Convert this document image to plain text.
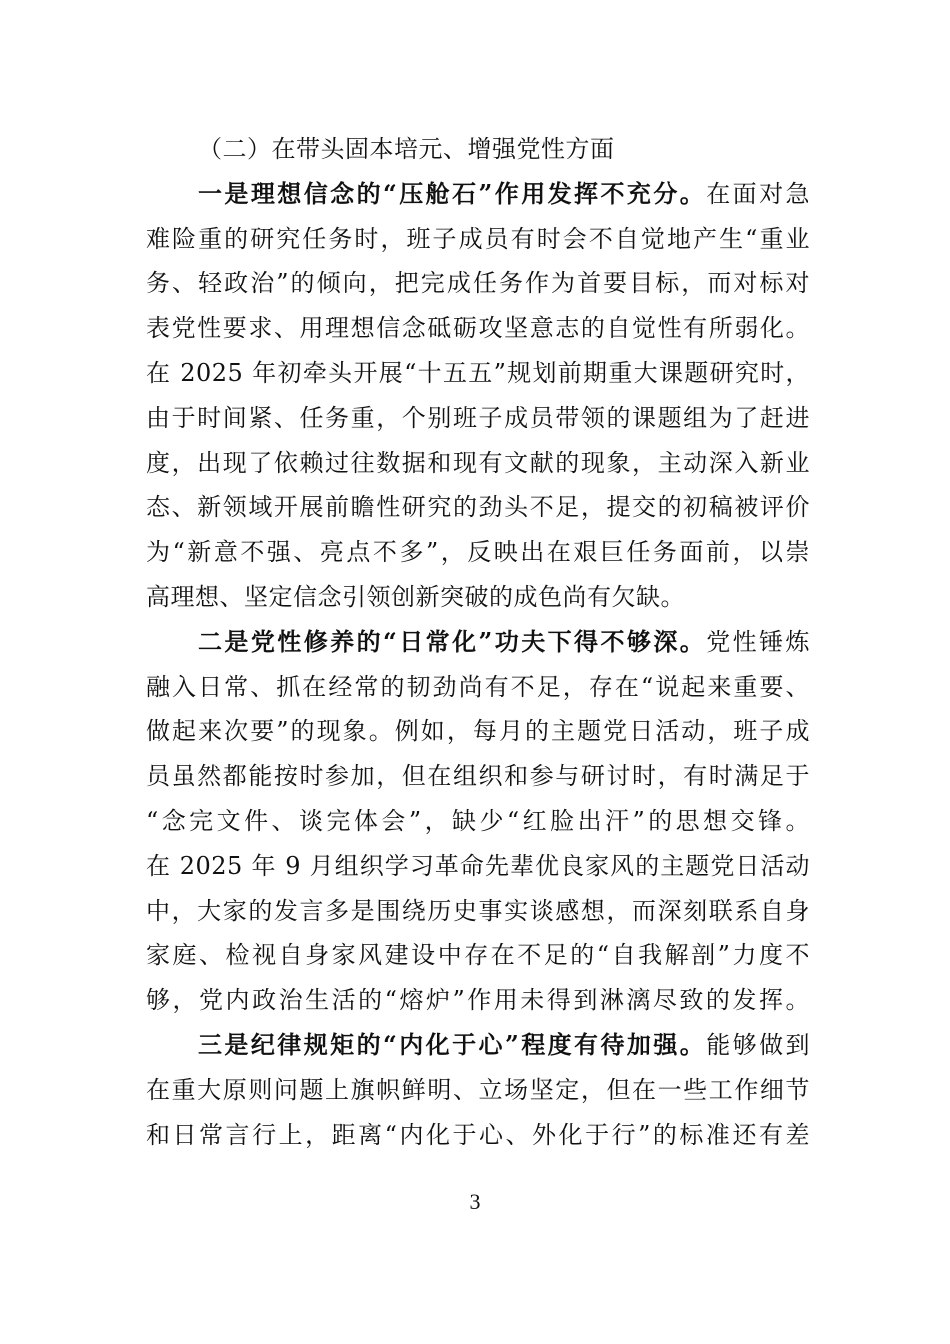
（二）在带头固本培元、增强党性方面
一是理想信念的“压舱石”作用发挥不充分。在面对急
难险重的研究任务时，班子成员有时会不自觉地产生“重业
务、轻政治”的倾向，把完成任务作为首要目标，而对标对
表党性要求、用理想信念砥砺攻坚意志的自觉性有所弱化。
在 2025 年初牵头开展“十五五”规划前期重大课题研究时，
由于时间紧、任务重，个别班子成员带领的课题组为了赶进
度，出现了依赖过往数据和现有文献的现象，主动深入新业
态、新领域开展前瞻性研究的劲头不足，提交的初稿被评价
为“新意不强、亮点不多”，反映出在艰巨任务面前，以崇
高理想、坚定信念引领创新突破的成色尚有欠缺。
二是党性修养的“日常化”功夫下得不够深。党性锤炼
融入日常、抓在经常的韧劲尚有不足，存在“说起来重要、
做起来次要”的现象。例如，每月的主题党日活动，班子成
员虽然都能按时参加，但在组织和参与研讨时，有时满足于
“念完文件、谈完体会”，缺少“红脸出汗”的思想交锋。
在 2025 年 9 月组织学习革命先辈优良家风的主题党日活动
中，大家的发言多是围绕历史事实谈感想，而深刻联系自身
家庭、检视自身家风建设中存在不足的“自我解剖”力度不
够，党内政治生活的“熔炉”作用未得到淋漓尽致的发挥。
三是纪律规矩的“内化于心”程度有待加强。能够做到
在重大原则问题上旗帜鲜明、立场坚定，但在一些工作细节
和日常言行上，距离“内化于心、外化于行”的标准还有差
3
